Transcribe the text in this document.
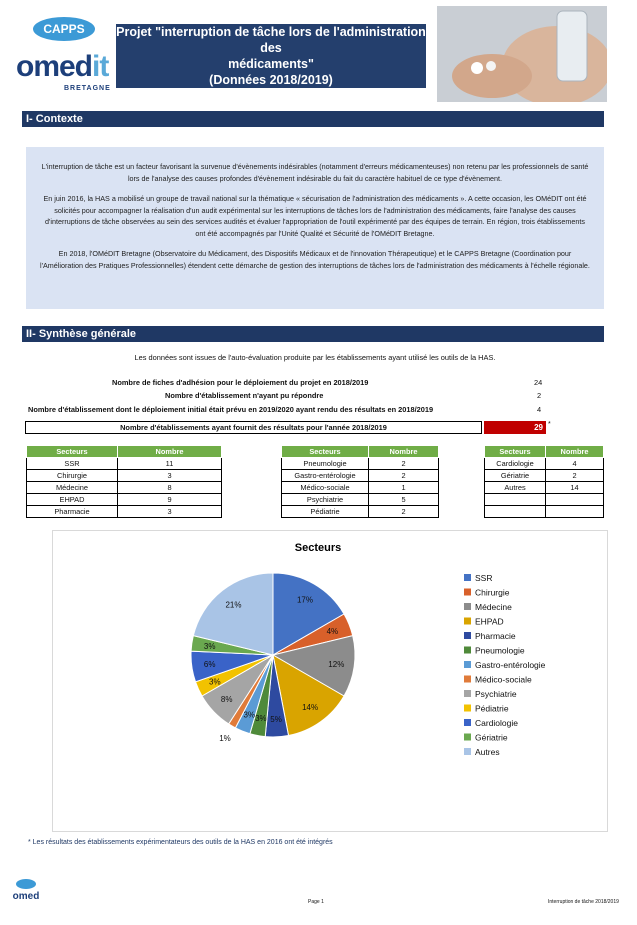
CAPPS
omedit
BRETAGNE
Projet "interruption de tâche lors de l'administration des
médicaments"
(Données 2018/2019)
I- Contexte

L'interruption de tâche est un facteur favorisant la survenue d'évènements indésirables (notamment d'erreurs médicamenteuses) non retenu par les professionnels de santé lors de l'analyse des causes profondes d'évènement indésirable du fait du caractère habituel de ce type d'évènement.

En juin 2016, la HAS a mobilisé un groupe de travail national sur la thématique « sécurisation de l'administration des médicaments ». A cette occasion, les OMéDIT ont été solicités pour accompagner la réalisation d'un audit expérimental sur les interruptions de tâches lors de l'administration des médicaments, faire l'analyse des causes d'interruptions de tâche observées au sein des services audités et évaluer l'appropriation de l'outil expérimenté par des équipes de terrain. En région, trois établissements ont été accompagnés par l'Unité Qualité et Sécurité de l'OMéDIT Bretagne.

En 2018, l'OMéDIT Bretagne (Observatoire du Médicament, des Dispositifs Médicaux et de l'innovation Thérapeutique) et le CAPPS Bretagne (Coordination pour l'Amélioration des Pratiques Professionnelles) étendent cette démarche de gestion des interruptions de tâches lors de l'administration des médicaments à l'échelle régionale.

II- Synthèse générale
Les données sont issues de l'auto-évaluation produite par les établissements ayant utilisé les outils de la HAS.
Nombre de fiches d'adhésion pour le déploiement du projet en 2018/2019	24
Nombre d'établissement n'ayant pu répondre	2
Nombre d'établissement dont le déploiement initial était prévu en 2019/2020 ayant rendu des résultats en 2018/2019	4
Nombre d'établissements ayant fournit des résultats pour l'année 2018/2019	29 *
Secteurs	Nombre
SSR	11
Chirurgie	3
Médecine	8
EHPAD	9
Pharmacie	3
Secteurs	Nombre
Pneumologie	2
Gastro-entérologie	2
Médico-sociale	1
Psychiatrie	5
Pédiatrie	2
Secteurs	Nombre
Cardiologie	4
Gériatrie	2
Autres	14

Secteurs
17%
4%
12%
14%
5%
3%
3%
1%
8%
3%
6%
3%
21%
SSR
Chirurgie
Médecine
EHPAD
Pharmacie
Pneumologie
Gastro-entérologie
Médico-sociale
Psychiatrie
Pédiatrie
Cardiologie
Gériatrie
Autres
* Les résultats des établissements expérimentateurs des outils de la HAS en 2016 ont été intégrés
omed	Page 1	Interruption de tâche 2018/2019
